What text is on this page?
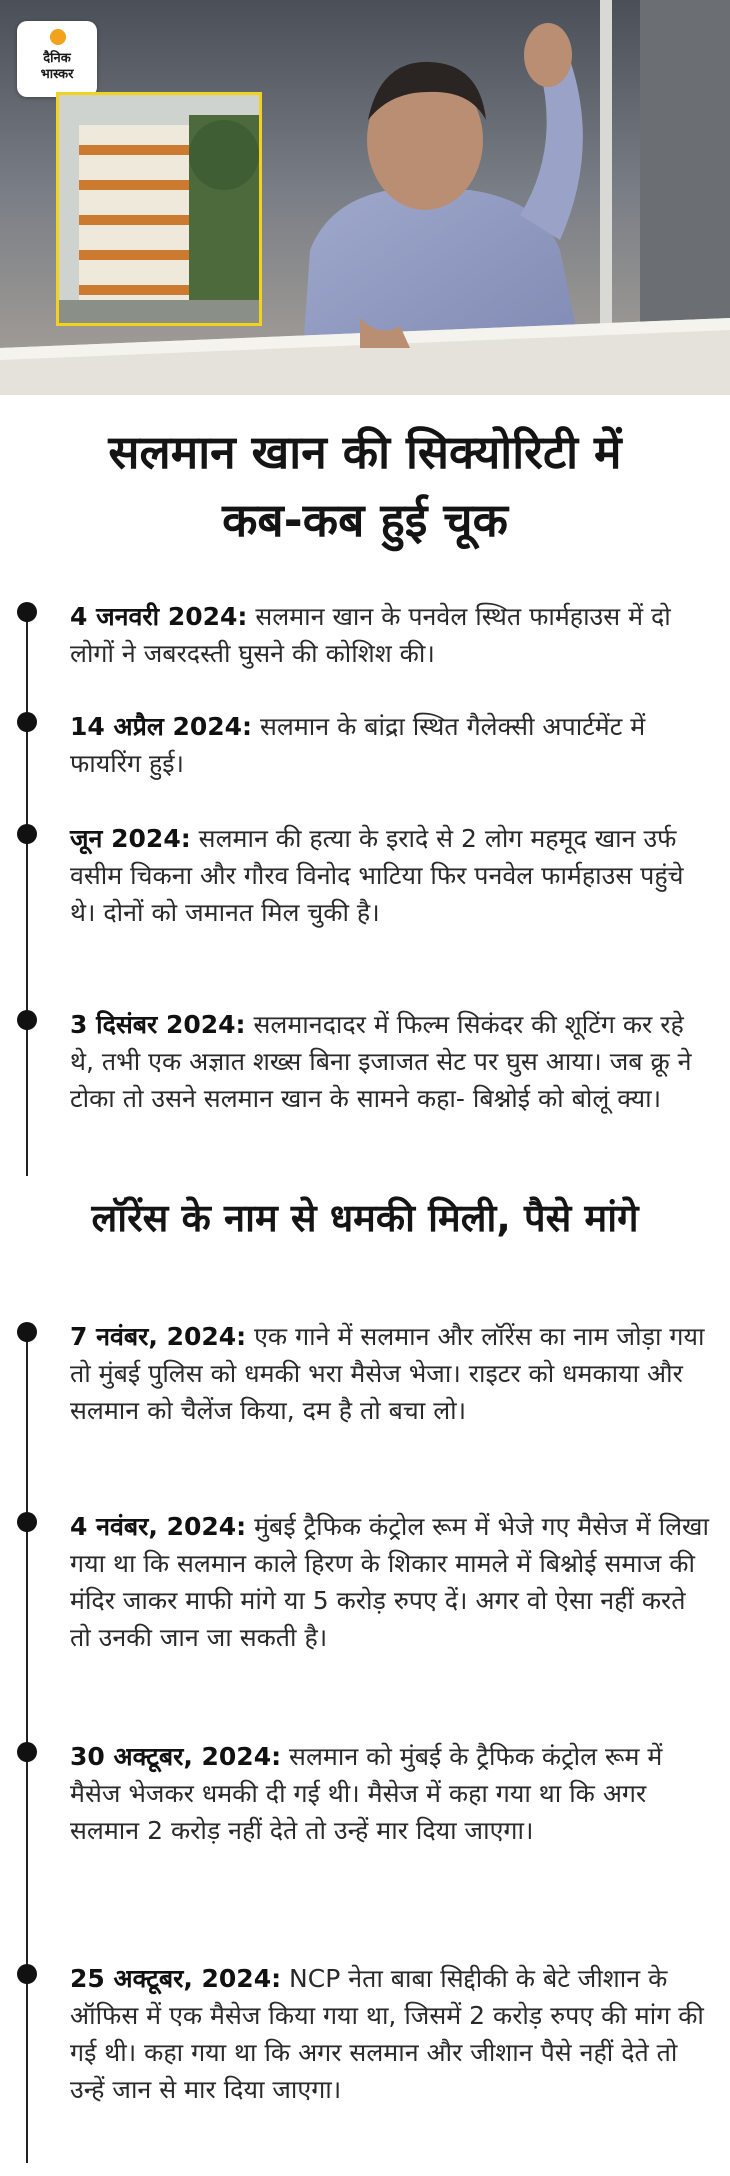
दैनिक
भास्कर
सलमान खान की सिक्योरिटी में
कब-कब हुई चूक

4 जनवरी 2024: सलमान खान के पनवेल स्थित फार्महाउस में दो लोगों ने जबरदस्ती घुसने की कोशिश की।

14 अप्रैल 2024: सलमान के बांद्रा स्थित गैलेक्सी अपार्टमेंट में फायरिंग हुई।

जून 2024: सलमान की हत्या के इरादे से 2 लोग महमूद खान उर्फ वसीम चिकना और गौरव विनोद भाटिया फिर पनवेल फार्महाउस पहुंचे थे। दोनों को जमानत मिल चुकी है।

3 दिसंबर 2024: सलमानदादर में फिल्म सिकंदर की शूटिंग कर रहे थे, तभी एक अज्ञात शख्स बिना इजाजत सेट पर घुस आया। जब क्रू ने टोका तो उसने सलमान खान के सामने कहा- बिश्नोई को बोलूं क्या।

लॉरेंस के नाम से धमकी मिली, पैसे मांगे

7 नवंबर, 2024: एक गाने में सलमान और लॉरेंस का नाम जोड़ा गया तो मुंबई पुलिस को धमकी भरा मैसेज भेजा। राइटर को धमकाया और सलमान को चैलेंज किया, दम है तो बचा लो।

4 नवंबर, 2024: मुंबई ट्रैफिक कंट्रोल रूम में भेजे गए मैसेज में लिखा गया था कि सलमान काले हिरण के शिकार मामले में बिश्नोई समाज की मंदिर जाकर माफी मांगे या 5 करोड़ रुपए दें। अगर वो ऐसा नहीं करते तो उनकी जान जा सकती है।

30 अक्टूबर, 2024: सलमान को मुंबई के ट्रैफिक कंट्रोल रूम में मैसेज भेजकर धमकी दी गई थी। मैसेज में कहा गया था कि अगर सलमान 2 करोड़ नहीं देते तो उन्हें मार दिया जाएगा।

25 अक्टूबर, 2024: NCP नेता बाबा सिद्दीकी के बेटे जीशान के ऑफिस में एक मैसेज किया गया था, जिसमें 2 करोड़ रुपए की मांग की गई थी। कहा गया था कि अगर सलमान और जीशान पैसे नहीं देते तो उन्हें जान से मार दिया जाएगा।
